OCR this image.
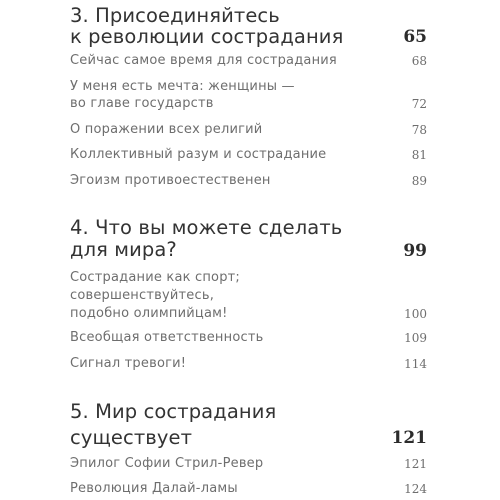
3. Присоединяйтесь
к революции сострадания	65
Сейчас самое время для сострадания	68
У меня есть мечта: женщины —
во главе государств	72
О поражении всех религий	78
Коллективный разум и сострадание	81
Эгоизм противоестественен	89
4. Что вы можете сделать
для мира?	99
Сострадание как спорт;
совершенствуйтесь,
подобно олимпийцам!	100
Всеобщая ответственность	109
Сигнал тревоги!	114
5. Мир сострадания
существует	121
Эпилог Софии Стрил-Ревер	121
Революция Далай-ламы	124
